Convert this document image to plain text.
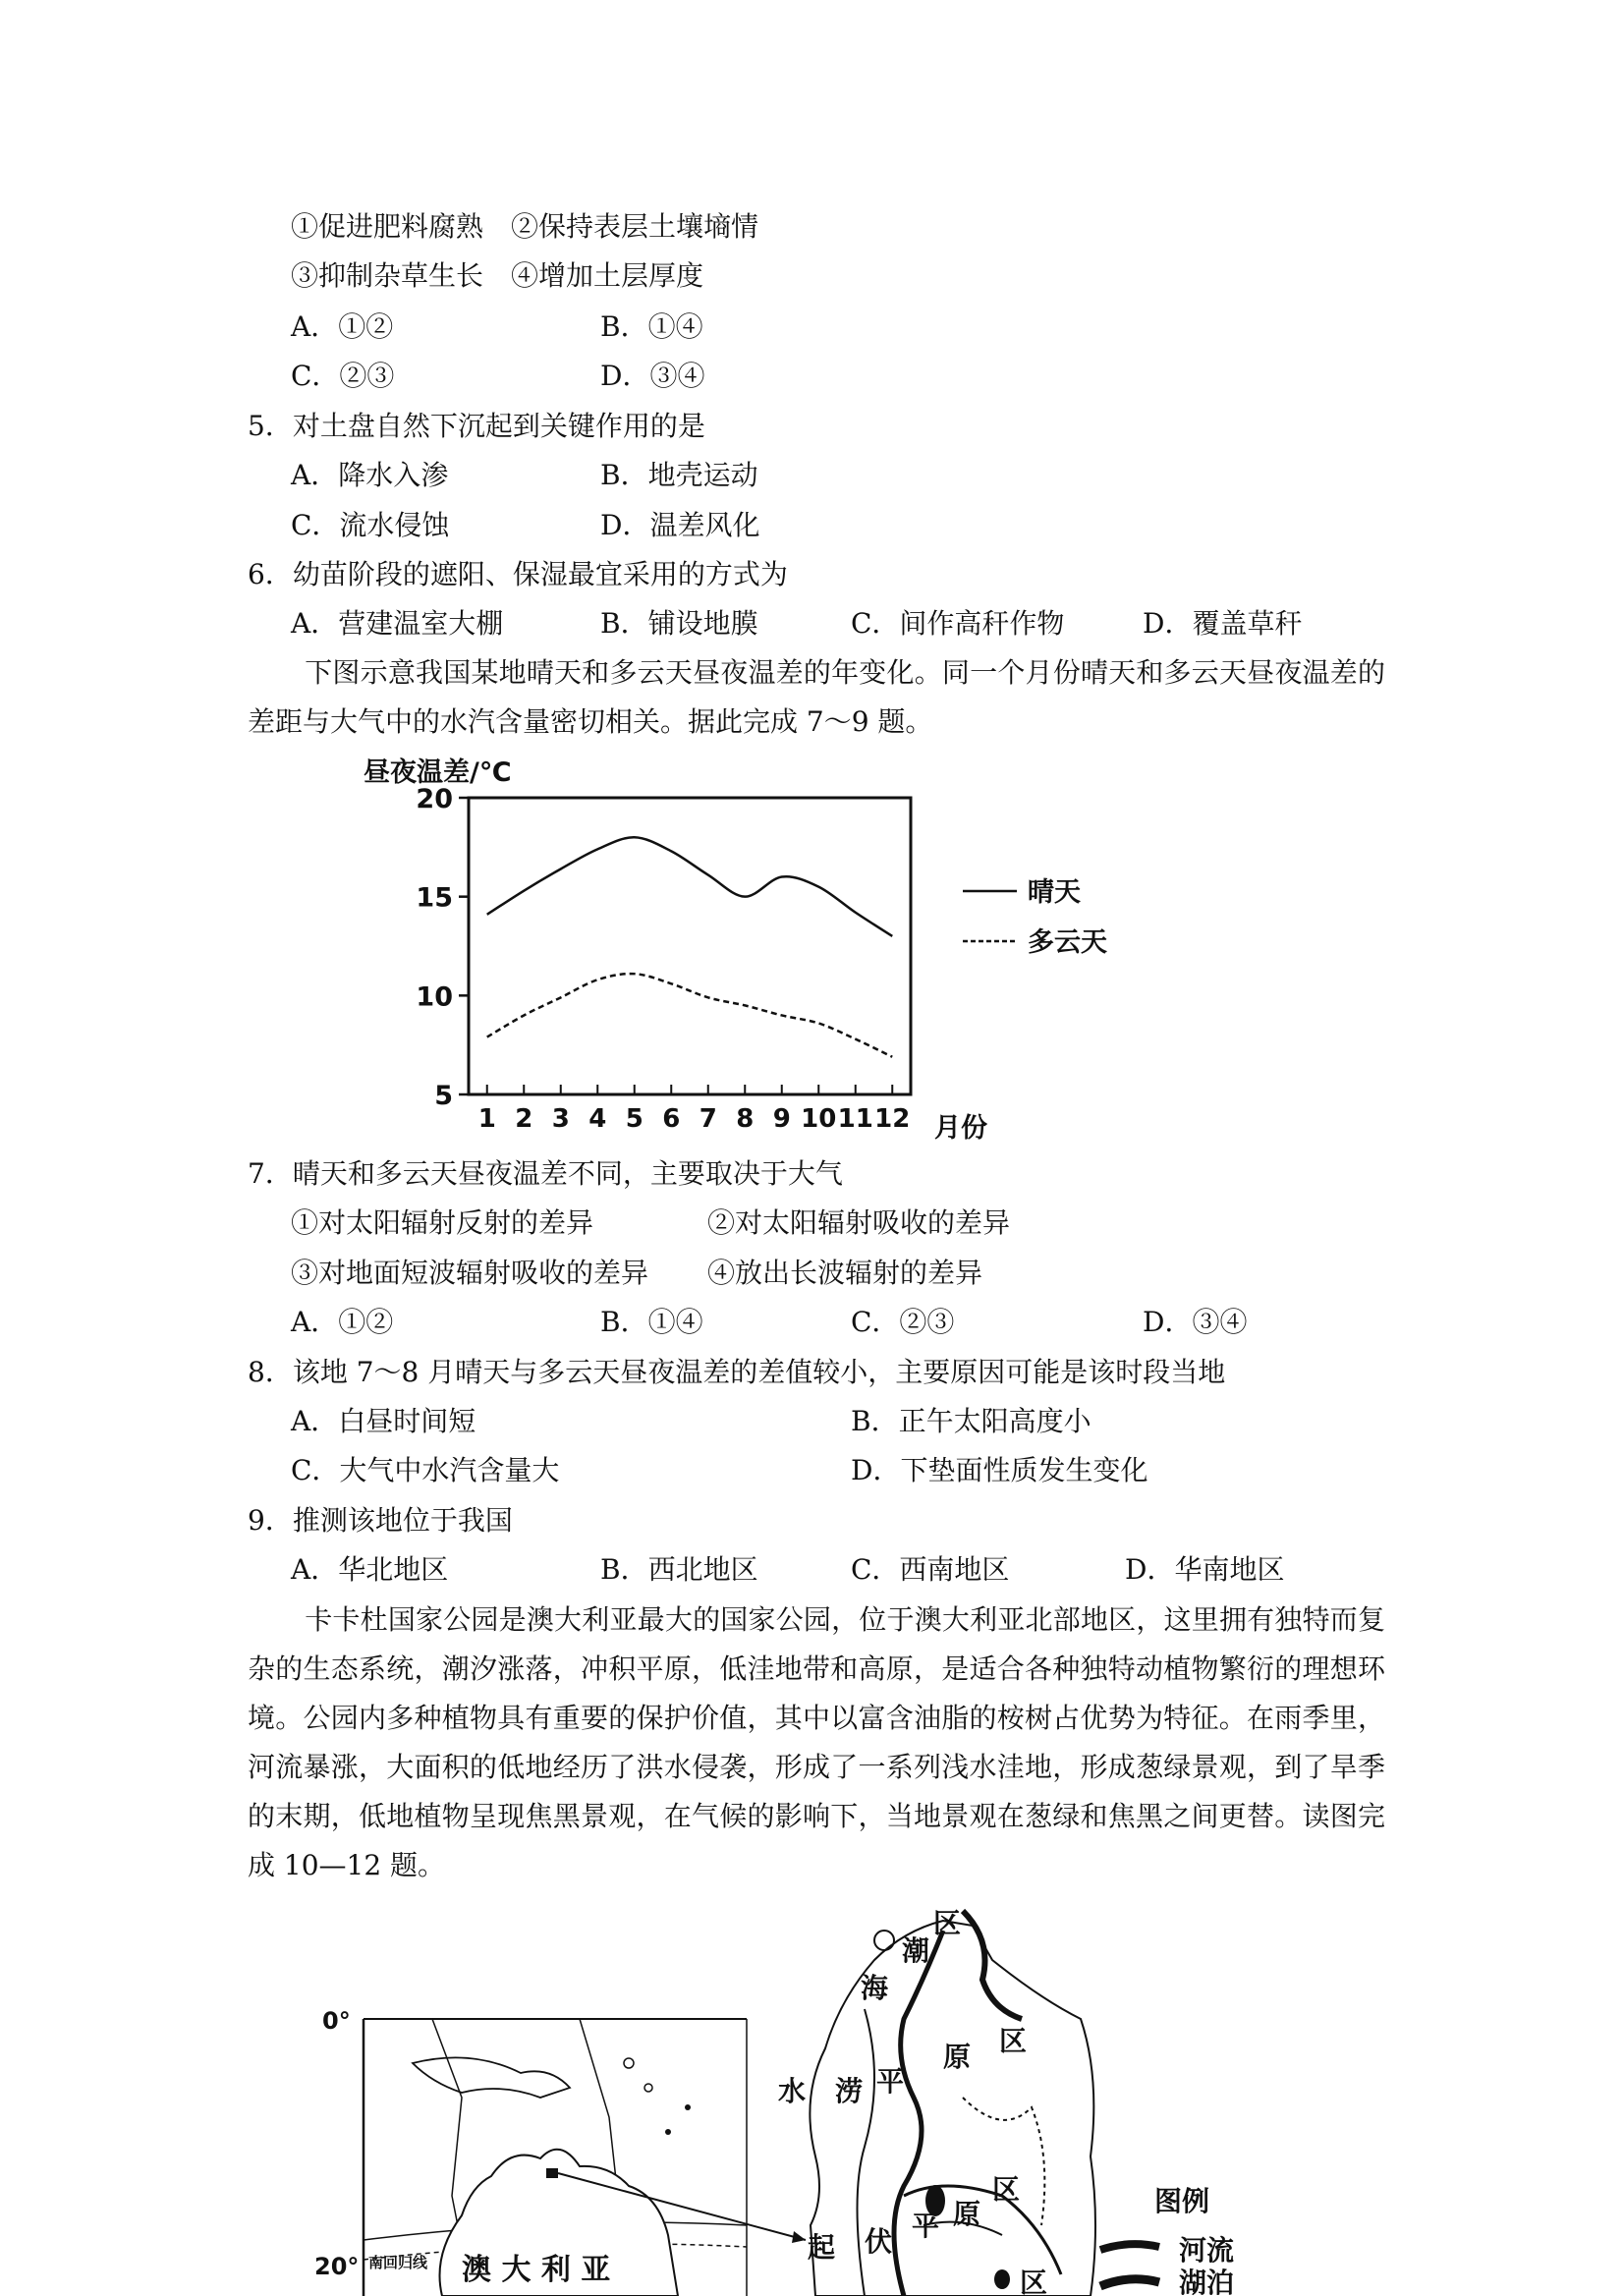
①促进肥料腐熟　②保持表层土壤墒情
③抑制杂草生长　④增加土层厚度
A．①②	B．①④
C．②③	D．③④
5．对土盘自然下沉起到关键作用的是
A．降水入渗	B．地壳运动
C．流水侵蚀	D．温差风化
6．幼苗阶段的遮阳、保湿最宜采用的方式为
A．营建温室大棚	B．铺设地膜	C．间作高秆作物	D．覆盖草秆
下图示意我国某地晴天和多云天昼夜温差的年变化。同一个月份晴天和多云天昼夜温差的差距与大气中的水汽含量密切相关。据此完成 7～9 题。
昼夜温差/℃
5
10
15
20
1 2 3 4 5 6 7 8 9 10 11 12
晴天
多云天
月份
7．晴天和多云天昼夜温差不同，主要取决于大气
①对太阳辐射反射的差异	②对太阳辐射吸收的差异
③对地面短波辐射吸收的差异 ④放出长波辐射的差异
A．①②	B．①④	C．②③	D．③④
8．该地 7～8 月晴天与多云天昼夜温差的差值较小，主要原因可能是该时段当地
A．白昼时间短	B．正午太阳高度小
C．大气中水汽含量大	D．下垫面性质发生变化
9．推测该地位于我国
A．华北地区	B．西北地区	C．西南地区	D．华南地区
卡卡杜国家公园是澳大利亚最大的国家公园，位于澳大利亚北部地区，这里拥有独特而复杂的生态系统，潮汐涨落，冲积平原，低洼地带和高原，是适合各种独特动植物繁衍的理想环境。公园内多种植物具有重要的保护价值，其中以富含油脂的桉树占优势为特征。在雨季里，河流暴涨，大面积的低地经历了洪水侵袭，形成了一系列浅水洼地，形成葱绿景观，到了旱季的末期，低地植物呈现焦黑景观，在气候的影响下，当地景观在葱绿和焦黑之间更替。读图完成 10—12 题。
0°
20° 南回归线 澳 大 利 亚
潮
区
海
原 区
水 涝 平
区
平 原
起 伏
区
图例
河流
湖泊
